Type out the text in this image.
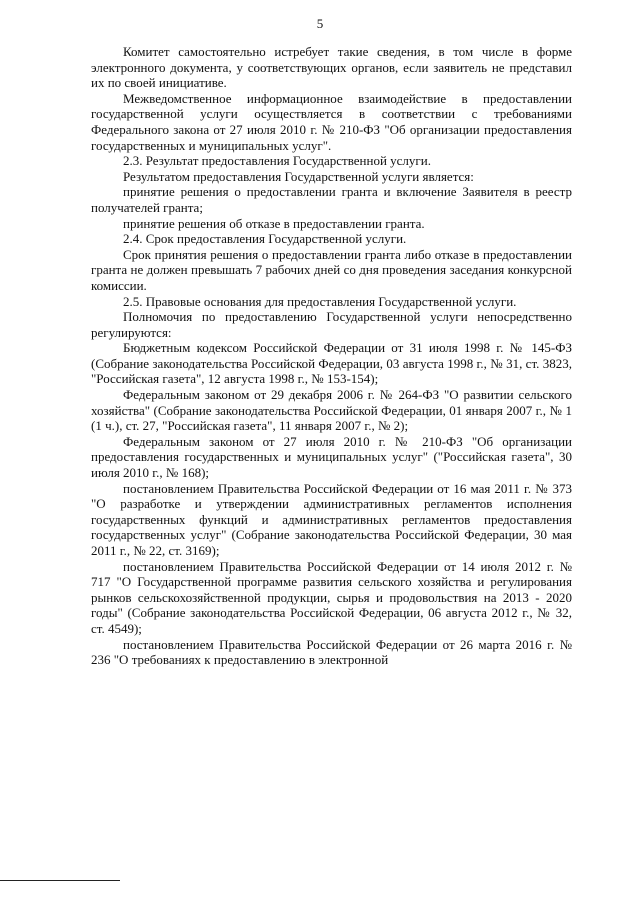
5

Комитет самостоятельно истребует такие сведения, в том числе в форме электронного документа, у соответствующих органов, если заявитель не представил их по своей инициативе.

Межведомственное информационное взаимодействие в предоставлении государственной услуги осуществляется в соответствии с требованиями Федерального закона от 27 июля 2010 г. № 210-ФЗ "Об организации предоставления государственных и муниципальных услуг".

2.3. Результат предоставления Государственной услуги.

Результатом предоставления Государственной услуги является:

принятие решения о предоставлении гранта и включение Заявителя в реестр получателей гранта;

принятие решения об отказе в предоставлении гранта.

2.4. Срок предоставления Государственной услуги.

Срок принятия решения о предоставлении гранта либо отказе в предоставлении гранта не должен превышать 7 рабочих дней со дня проведения заседания конкурсной комиссии.

2.5. Правовые основания для предоставления Государственной услуги.

Полномочия по предоставлению Государственной услуги непосредственно регулируются:

Бюджетным кодексом Российской Федерации от 31 июля 1998 г. № 145-ФЗ (Собрание законодательства Российской Федерации, 03 августа 1998 г., № 31, ст. 3823, "Российская газета", 12 августа 1998 г., № 153-154);

Федеральным законом от 29 декабря 2006 г. № 264-ФЗ "О развитии сельского хозяйства" (Собрание законодательства Российской Федерации, 01 января 2007 г., № 1 (1 ч.), ст. 27, "Российская газета", 11 января 2007 г., № 2);

Федеральным законом от 27 июля 2010 г. № 210-ФЗ "Об организации предоставления государственных и муниципальных услуг" ("Российская газета", 30 июля 2010 г., № 168);

постановлением Правительства Российской Федерации от 16 мая 2011 г. № 373 "О разработке и утверждении административных регламентов исполнения государственных функций и административных регламентов предоставления государственных услуг" (Собрание законодательства Российской Федерации, 30 мая 2011 г., № 22, ст. 3169);

постановлением Правительства Российской Федерации от 14 июля 2012 г. № 717 "О Государственной программе развития сельского хозяйства и регулирования рынков сельскохозяйственной продукции, сырья и продовольствия на 2013 - 2020 годы" (Собрание законодательства Российской Федерации, 06 августа 2012 г., № 32, ст. 4549);

постановлением Правительства Российской Федерации от 26 марта 2016 г. № 236 "О требованиях к предоставлению в электронной
